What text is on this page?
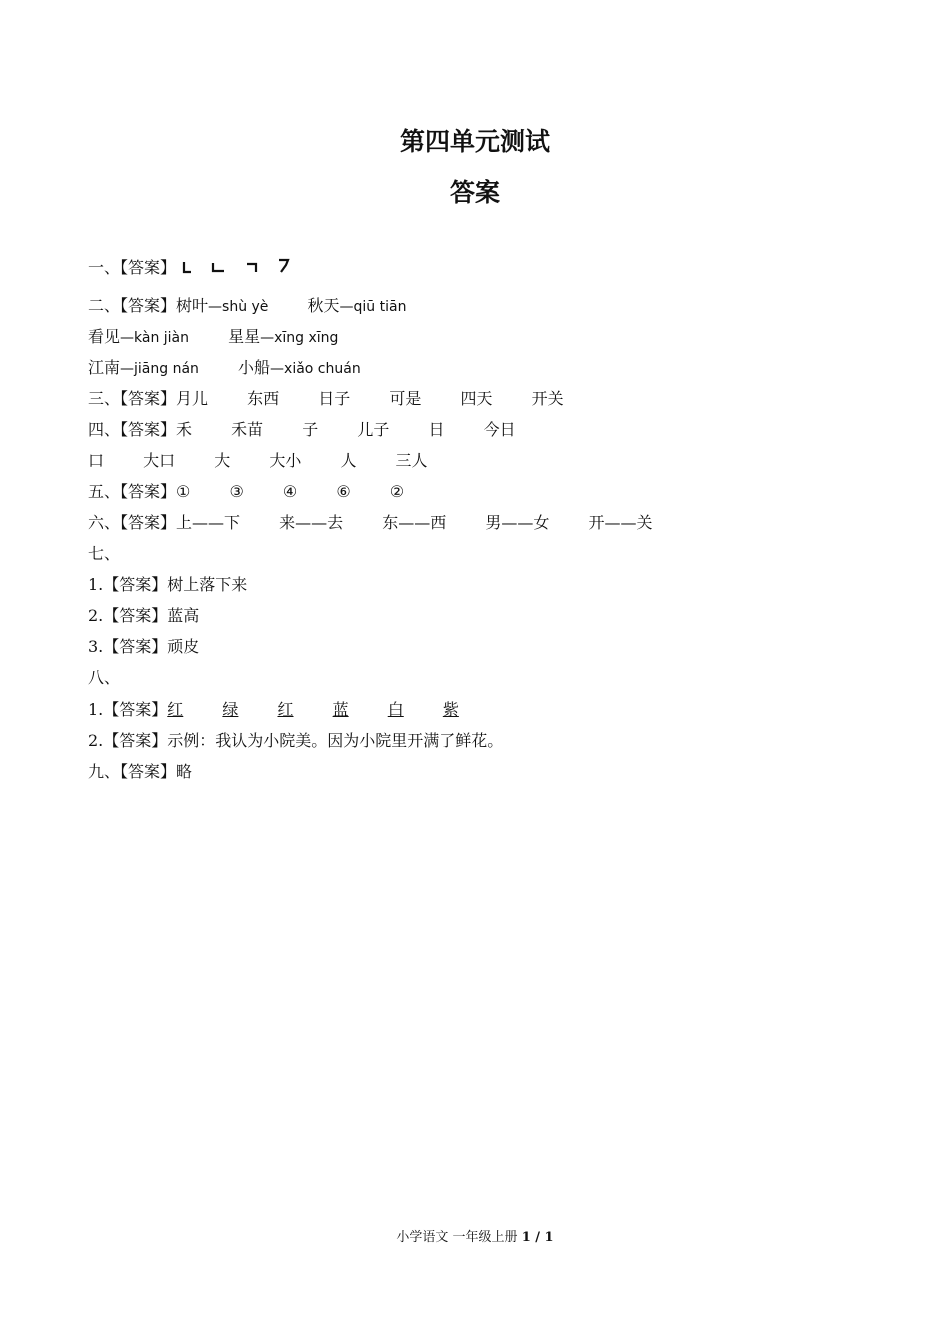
第四单元测试
答案
一、【答案】
二、【答案】树叶—shù yè 秋天—qiū tiān
看见—kàn jiàn 星星—xīng xīng
江南—jiāng nán 小船—xiǎo chuán
三、【答案】月儿 东西 日子 可是 四天 开关
四、【答案】禾 禾苗 子 儿子 日 今日
口 大口 大 大小 人 三人
五、【答案】① ③ ④ ⑥ ②
六、【答案】上——下 来——去 东——西 男——女 开——关
七、
1.【答案】树上落下来
2.【答案】蓝高
3.【答案】顽皮
八、
1.【答案】红 绿 红 蓝 白 紫
2.【答案】示例：我认为小院美。因为小院里开满了鲜花。
九、【答案】略
小学语文 一年级上册 1 / 1
